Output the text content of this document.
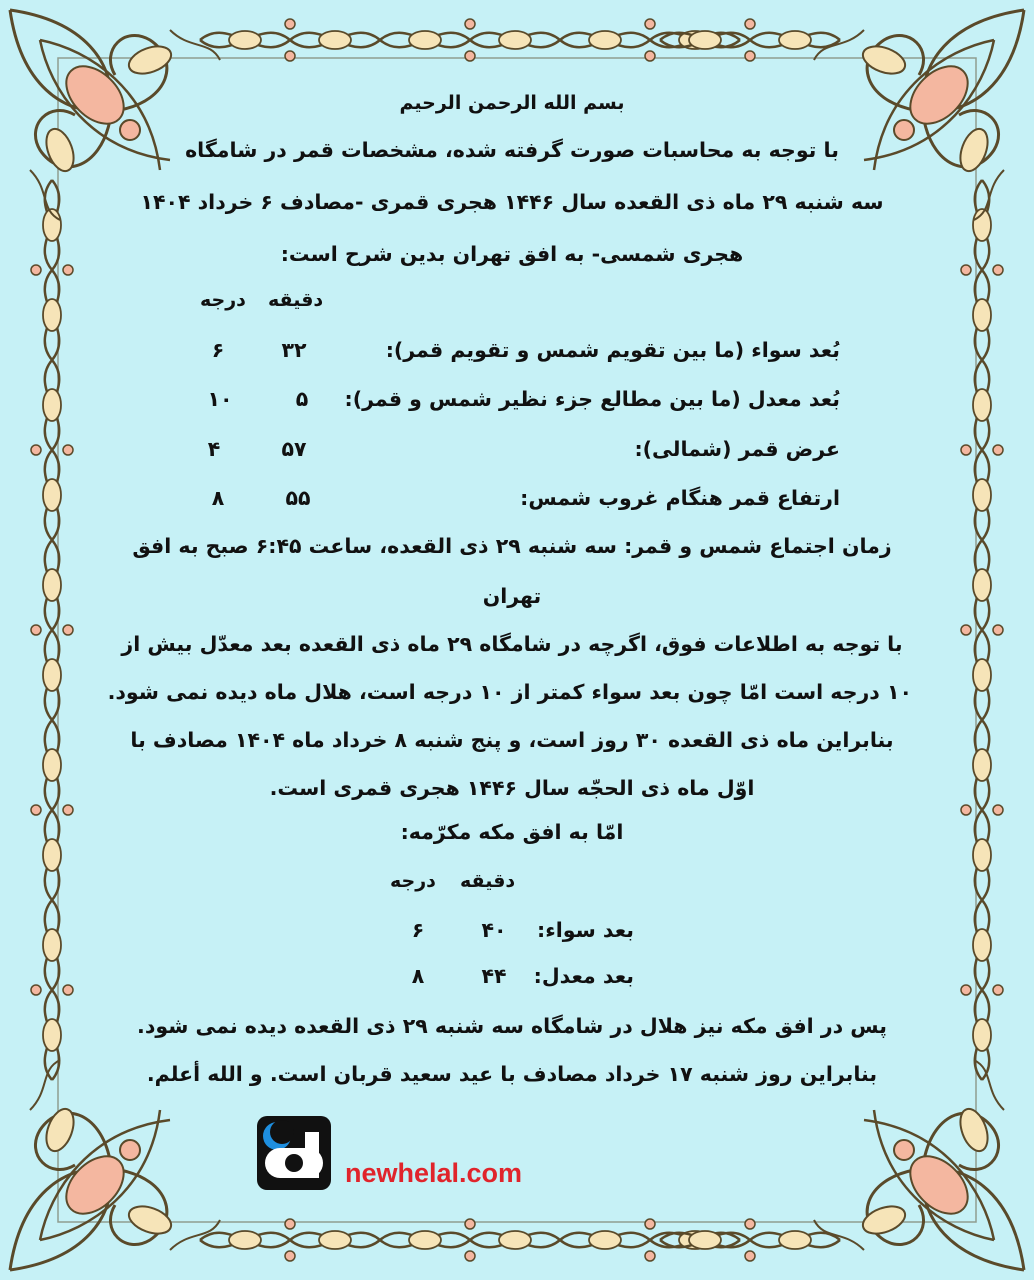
بسم الله الرحمن الرحیم
با توجه به محاسبات صورت گرفته شده، مشخصات قمر در شامگاه
سه شنبه ۲۹ ماه ذی القعده سال ۱۴۴۶ هجری قمری -مصادف ۶ خرداد ۱۴۰۴
هجری شمسی- به افق تهران بدین شرح است:
درجه دقیقه
بُعد سواء (ما بین تقویم شمس و تقویم قمر):
۳۲
۶
بُعد معدل (ما بین مطالع جزء نظیر شمس و قمر):
۵
۱۰
عرض قمر (شمالی):
۵۷
۴
ارتفاع قمر هنگام غروب شمس:
۵۵
۸
زمان اجتماع شمس و قمر: سه شنبه ۲۹ ذی القعده، ساعت ۶:۴۵ صبح به افق
تهران
با توجه به اطلاعات فوق، اگرچه در شامگاه ۲۹ ماه ذی القعده بعد معدّل بیش از
۱۰ درجه است امّا چون بعد سواء کمتر از ۱۰ درجه است، هلال ماه دیده نمی شود.
بنابراین ماه ذی القعده ۳۰ روز است، و پنج شنبه ۸ خرداد ماه ۱۴۰۴ مصادف با
اوّل ماه ذی الحجّه سال ۱۴۴۶ هجری قمری است.
امّا به افق مکه مکرّمه:
درجه دقیقه
بعد سواء:
۴۰
۶
بعد معدل:
۴۴
۸
پس در افق مکه نیز هلال در شامگاه سه شنبه ۲۹ ذی القعده دیده نمی شود.
بنابراین روز شنبه ۱۷ خرداد مصادف با عید سعید قربان است. و الله أعلم.
newhelal.com
